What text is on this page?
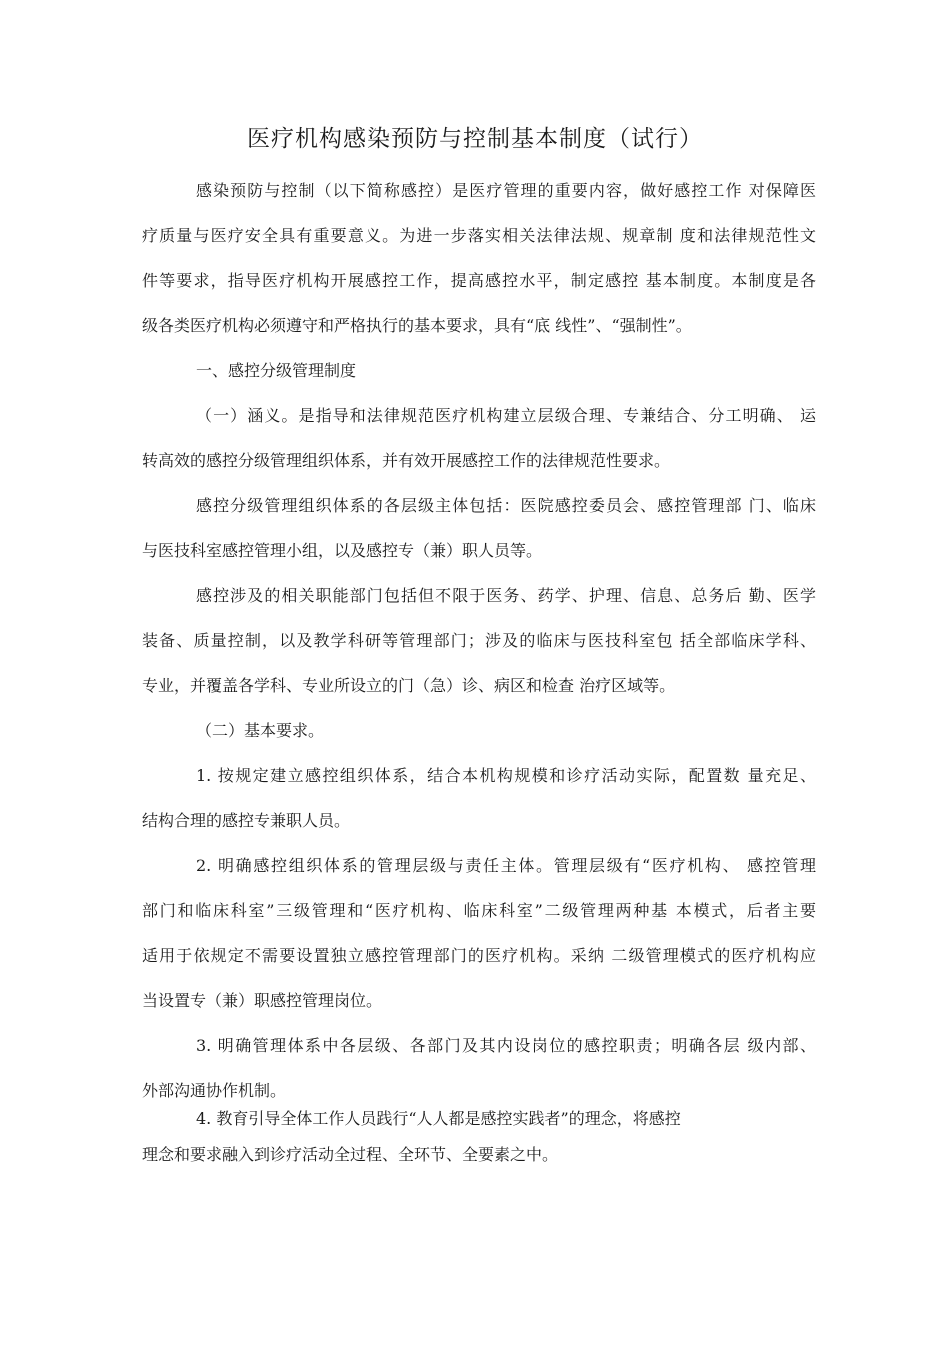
医疗机构感染预防与控制基本制度（试行）
感染预防与控制（以下简称感控）是医疗管理的重要内容，做好感控工作 对保障医
疗质量与医疗安全具有重要意义。为进一步落实相关法律法规、规章制 度和法律规范性文
件等要求，指导医疗机构开展感控工作，提高感控水平，制定感控 基本制度。本制度是各
级各类医疗机构必须遵守和严格执行的基本要求，具有“底 线性”、“强制性”。
一、感控分级管理制度
（一）涵义。是指导和法律规范医疗机构建立层级合理、专兼结合、分工明确、 运
转高效的感控分级管理组织体系，并有效开展感控工作的法律规范性要求。
感控分级管理组织体系的各层级主体包括：医院感控委员会、感控管理部 门、临床
与医技科室感控管理小组，以及感控专（兼）职人员等。
感控涉及的相关职能部门包括但不限于医务、药学、护理、信息、总务后 勤、医学
装备、质量控制，以及教学科研等管理部门；涉及的临床与医技科室包 括全部临床学科、
专业，并覆盖各学科、专业所设立的门（急）诊、病区和检查 治疗区域等。
（二）基本要求。
1. 按规定建立感控组织体系，结合本机构规模和诊疗活动实际，配置数 量充足、
结构合理的感控专兼职人员。
2. 明确感控组织体系的管理层级与责任主体。管理层级有“医疗机构、 感控管理
部门和临床科室”三级管理和“医疗机构、临床科室”二级管理两种基 本模式，后者主要
适用于依规定不需要设置独立感控管理部门的医疗机构。采纳 二级管理模式的医疗机构应
当设置专（兼）职感控管理岗位。
3. 明确管理体系中各层级、各部门及其内设岗位的感控职责；明确各层 级内部、
外部沟通协作机制。
4. 教育引导全体工作人员践行“人人都是感控实践者”的理念，将感控
理念和要求融入到诊疗活动全过程、全环节、全要素之中。
